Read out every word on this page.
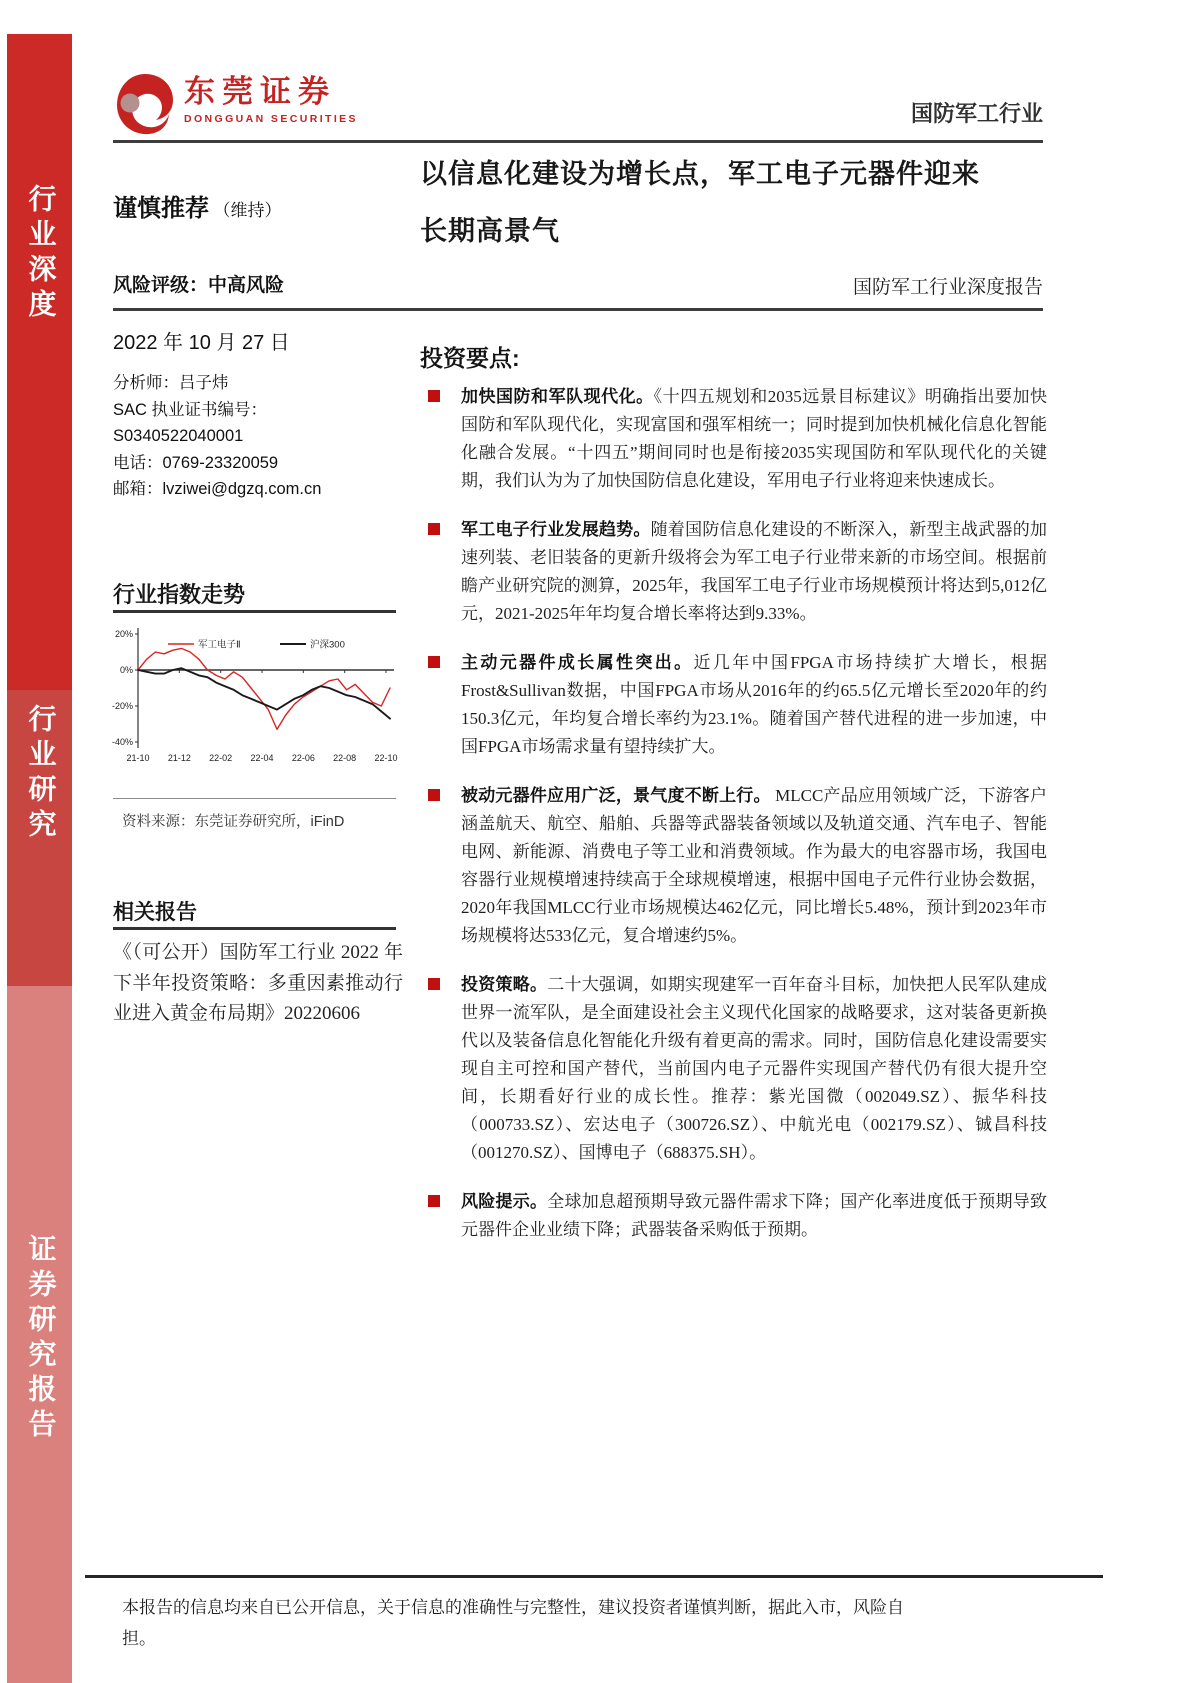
行业深度
行业研究
证券研究报告
东莞证券
DONGGUAN SECURITIES	国防军工行业
谨慎推荐 （维持）
以信息化建设为增长点，军工电子元器件迎来
长期高景气
风险评级：中高风险	国防军工行业深度报告
2022 年 10 月 27 日
分析师：吕子炜
SAC 执业证书编号：
S0340522040001
电话：0769-23320059
邮箱：lvziwei@dgzq.com.cn
行业指数走势
20%
0%
-20%
-40%
21-10 21-12 22-02 22-04 22-06 22-08 22-10
军工电子Ⅱ	沪深300
资料来源：东莞证券研究所，iFinD
相关报告
《（可公开）国防军工行业 2022 年下半年投资策略：多重因素推动行业进入黄金布局期》20220606
投资要点:
加快国防和军队现代化。《十四五规划和2035远景目标建议》明确指出要加快国防和军队现代化，实现富国和强军相统一；同时提到加快机械化信息化智能化融合发展。“十四五”期间同时也是衔接2035实现国防和军队现代化的关键期，我们认为为了加快国防信息化建设，军用电子行业将迎来快速成长。
军工电子行业发展趋势。随着国防信息化建设的不断深入，新型主战武器的加速列装、老旧装备的更新升级将会为军工电子行业带来新的市场空间。根据前瞻产业研究院的测算，2025年，我国军工电子行业市场规模预计将达到5,012亿元，2021-2025年年均复合增长率将达到9.33%。
主动元器件成长属性突出。近几年中国FPGA市场持续扩大增长，根据Frost&Sullivan数据，中国FPGA市场从2016年的约65.5亿元增长至2020年的约150.3亿元，年均复合增长率约为23.1%。随着国产替代进程的进一步加速，中国FPGA市场需求量有望持续扩大。
被动元器件应用广泛，景气度不断上行。 MLCC产品应用领域广泛，下游客户涵盖航天、航空、船舶、兵器等武器装备领域以及轨道交通、汽车电子、智能电网、新能源、消费电子等工业和消费领域。作为最大的电容器市场，我国电容器行业规模增速持续高于全球规模增速，根据中国电子元件行业协会数据，2020年我国MLCC行业市场规模达462亿元，同比增长5.48%，预计到2023年市场规模将达533亿元，复合增速约5%。
投资策略。二十大强调，如期实现建军一百年奋斗目标，加快把人民军队建成世界一流军队，是全面建设社会主义现代化国家的战略要求，这对装备更新换代以及装备信息化智能化升级有着更高的需求。同时，国防信息化建设需要实现自主可控和国产替代，当前国内电子元器件实现国产替代仍有很大提升空间，长期看好行业的成长性。推荐：紫光国微（002049.SZ）、振华科技（000733.SZ）、宏达电子（300726.SZ）、中航光电（002179.SZ）、铖昌科技（001270.SZ）、国博电子（688375.SH）。
风险提示。全球加息超预期导致元器件需求下降；国产化率进度低于预期导致元器件企业业绩下降；武器装备采购低于预期。
本报告的信息均来自已公开信息，关于信息的准确性与完整性，建议投资者谨慎判断，据此入市，风险自担。
